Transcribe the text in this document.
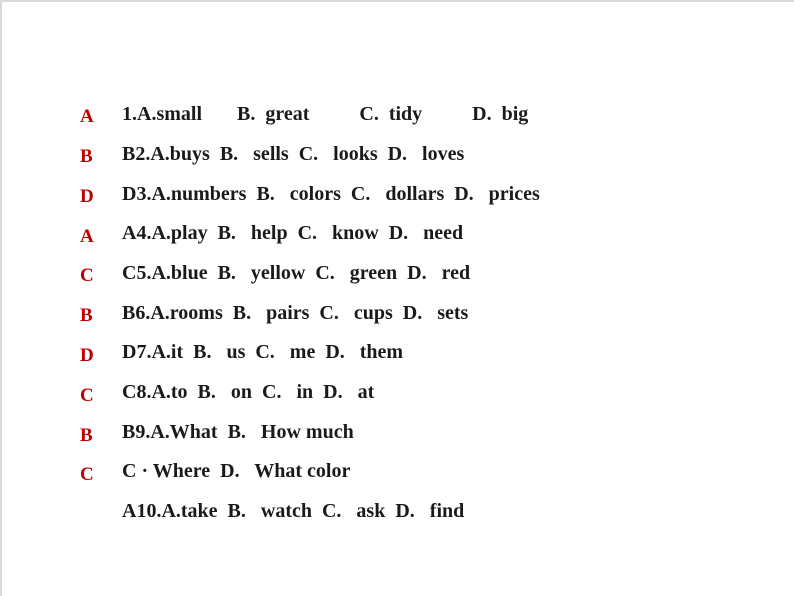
A
B
D
A
C
B
D
C
B
C
1.A.small       B.  great          C.  tidy          D.  big
B2.A.buys  B.   sells  C.   looks  D.   loves
D3.A.numbers  B.   colors  C.   dollars  D.   prices
A4.A.play  B.   help  C.   know  D.   need
C5.A.blue  B.   yellow  C.   green  D.   red
B6.A.rooms  B.   pairs  C.   cups  D.   sets
D7.A.it  B.   us  C.   me  D.   them
C8.A.to  B.   on  C.   in  D.   at
B9.A.What  B.   How much
C · Where  D.   What color
A10.A.take  B.   watch  C.   ask  D.   find
